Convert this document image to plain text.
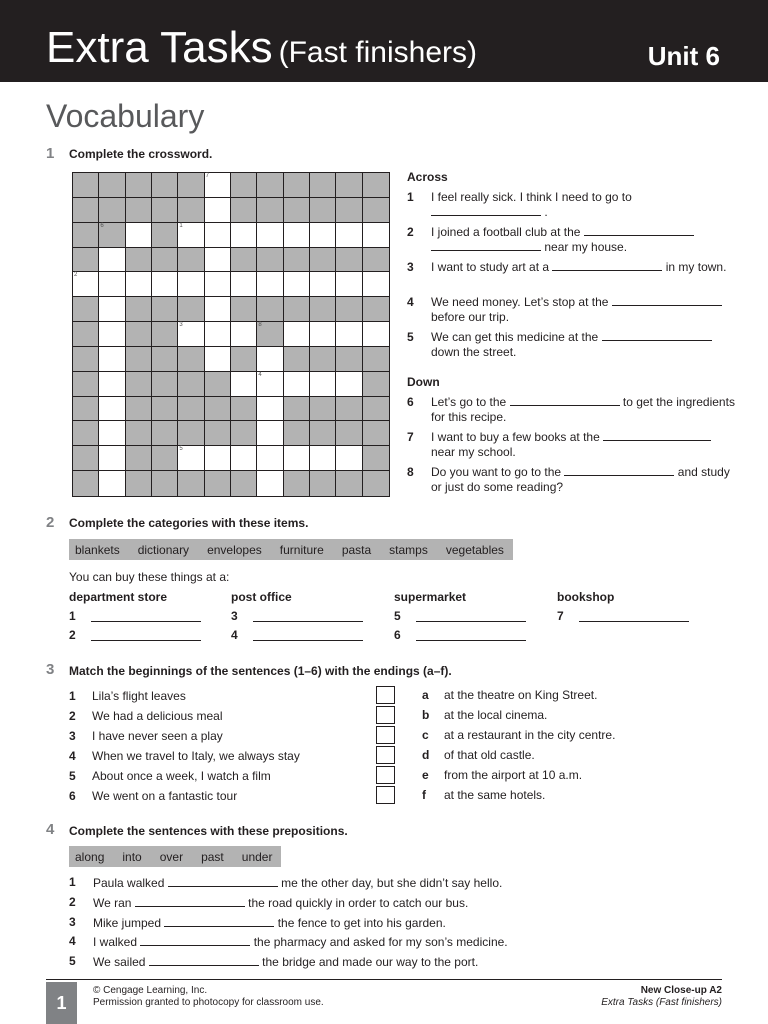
Extra Tasks (Fast finishers)	Unit 6
Vocabulary
1 Complete the crossword.
7
6	1
2
3	8
4
5
Across
1 I feel really sick. I think I need to go to
.
2 I joined a football club at the
near my house.
3 I want to study art at a	in my town.
4 We need money. Let’s stop at the  before our trip.
5 We can get this medicine at the  down the street.
Down
6 Let’s go to the	to get the ingredients for this recipe.
7 I want to buy a few books at the  near my school.
8 Do you want to go to the	and study or just do some reading?
2 Complete the categories with these items.
blankets	dictionary	envelopes	furniture	pasta	stamps	vegetables
You can buy these things at a:
department store
1
2
post office
3
4
supermarket
5
6
bookshop
7
3 Match the beginnings of the sentences (1–6) with the endings (a–f).
1 Lila’s flight leaves
2 We had a delicious meal
3 I have never seen a play
4 When we travel to Italy, we always stay
5 About once a week, I watch a film
6 We went on a fantastic tour
a at the theatre on King Street.
b at the local cinema.
c at a restaurant in the city centre.
d of that old castle.
e from the airport at 10 a.m.
f at the same hotels.
4 Complete the sentences with these prepositions.
along	into	over	past	under
1 Paula walked	me the other day, but she didn’t say hello.
2 We ran	the road quickly in order to catch our bus.
3 Mike jumped	the fence to get into his garden.
4 I walked	the pharmacy and asked for my son’s medicine.
5 We sailed	the bridge and made our way to the port.
1
© Cengage Learning, Inc.
Permission granted to photocopy for classroom use.
New Close-up A2
Extra Tasks (Fast finishers)
